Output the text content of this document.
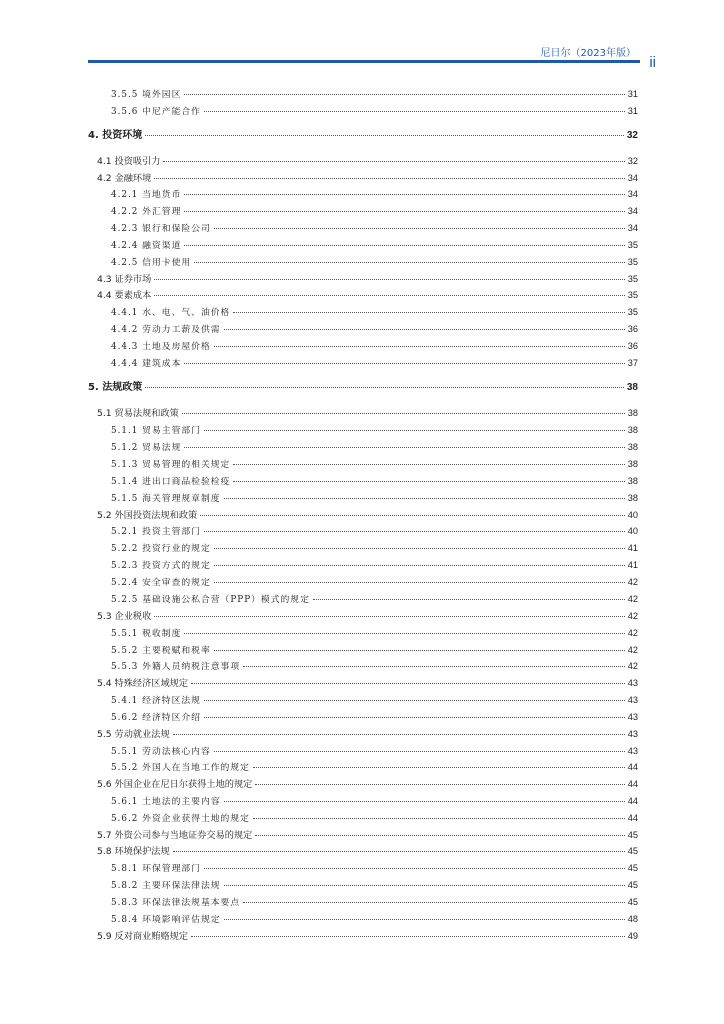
尼日尔（2023年版）
ii
3.5.5 境外园区	31
3.5.6 中尼产能合作	31
4. 投资环境	32
4.1 投资吸引力	32
4.2 金融环境	34
4.2.1 当地货币	34
4.2.2 外汇管理	34
4.2.3 银行和保险公司	34
4.2.4 融资渠道	35
4.2.5 信用卡使用	35
4.3 证券市场	35
4.4 要素成本	35
4.4.1 水、电、气、油价格	35
4.4.2 劳动力工薪及供需	36
4.4.3 土地及房屋价格	36
4.4.4 建筑成本	37
5. 法规政策	38
5.1 贸易法规和政策	38
5.1.1 贸易主管部门	38
5.1.2 贸易法规	38
5.1.3 贸易管理的相关规定	38
5.1.4 进出口商品检验检疫	38
5.1.5 海关管理规章制度	38
5.2 外国投资法规和政策	40
5.2.1 投资主管部门	40
5.2.2 投资行业的规定	41
5.2.3 投资方式的规定	41
5.2.4 安全审查的规定	42
5.2.5 基础设施公私合营（PPP）模式的规定	42
5.3 企业税收	42
5.5.1 税收制度	42
5.5.2 主要税赋和税率	42
5.5.3 外籍人员纳税注意事项	42
5.4 特殊经济区域规定	43
5.4.1 经济特区法规	43
5.6.2 经济特区介绍	43
5.5 劳动就业法规	43
5.5.1 劳动法核心内容	43
5.5.2 外国人在当地工作的规定	44
5.6 外国企业在尼日尔获得土地的规定	44
5.6.1 土地法的主要内容	44
5.6.2 外资企业获得土地的规定	44
5.7 外资公司参与当地证券交易的规定	45
5.8 环境保护法规	45
5.8.1 环保管理部门	45
5.8.2 主要环保法律法规	45
5.8.3 环保法律法规基本要点	45
5.8.4 环境影响评估规定	48
5.9 反对商业贿赂规定	49
